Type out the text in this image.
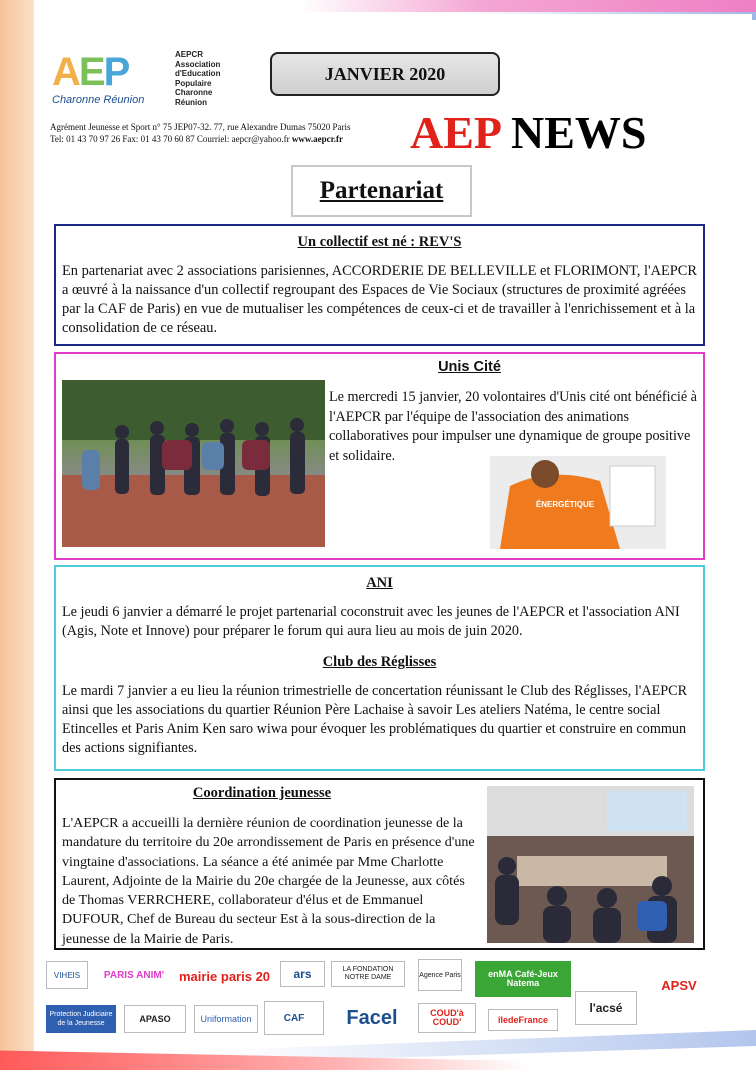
AEP
Charonne Réunion
AEPCR
Association
d'Education
Populaire
Charonne
Réunion
JANVIER 2020
Agrément Jeunesse et Sport n° 75 JEP07-32. 77, rue Alexandre Dumas 75020 Paris
Tel: 01 43 70 97 26 Fax: 01 43 70 60 87 Courriel: aepcr@yahoo.fr www.aepcr.fr AEP NEWS
Partenariat
Un collectif est né : REV'S
En partenariat avec 2 associations parisiennes, ACCORDERIE DE BELLEVILLE et FLORIMONT, l'AEPCR a œuvré à la naissance d'un collectif regroupant des Espaces de Vie Sociaux (structures de proximité agréées par la CAF de Paris) en vue de mutualiser les compétences de ceux-ci et de travailler à l'enrichissement et à la consolidation de ce réseau.
Unis Cité
Le mercredi 15 janvier, 20 volontaires d'Unis cité ont bénéficié à l'AEPCR par l'équipe de l'association des animations collaboratives pour impulser une dynamique de groupe positive et solidaire.
ÉNERGÉTIQUE
ANI
Le jeudi 6 janvier a démarré le projet partenarial coconstruit avec les jeunes de l'AEPCR et l'association ANI (Agis, Note et Innove) pour préparer le forum qui aura lieu au mois de juin 2020.
Club des Réglisses
Le mardi 7 janvier a eu lieu la réunion trimestrielle de concertation réunissant le Club des Réglisses, l'AEPCR ainsi que les associations du quartier Réunion Père Lachaise à savoir Les ateliers Natéma, le centre social Etincelles et Paris Anim Ken saro wiwa pour évoquer les problématiques du quartier et construire en commun des actions signifiantes.
Coordination jeunesse
L'AEPCR a accueilli la dernière réunion de coordination jeunesse de la mandature du territoire du 20e arrondissement de Paris en présence d'une vingtaine d'associations. La séance a été animée par Mme Charlotte Laurent, Adjointe de la Mairie du 20e chargée de la Jeunesse, aux côtés de Thomas VERRCHERE, collaborateur d'élus et de Emmanuel DUFOUR, Chef de Bureau du secteur Est à la sous-direction de la jeunesse de la Mairie de Paris.
VIHEIS	PARIS ANIM'	mairie paris 20	ars	LA FONDATION NOTRE DAME	Agence Paris	enMA Café-Jeux Natema	APSV
Protection Judiciaire de la Jeunesse	APASO	Uniformation	CAF	Facel	COUD'à COUD'	îledeFrance
l'acsé
